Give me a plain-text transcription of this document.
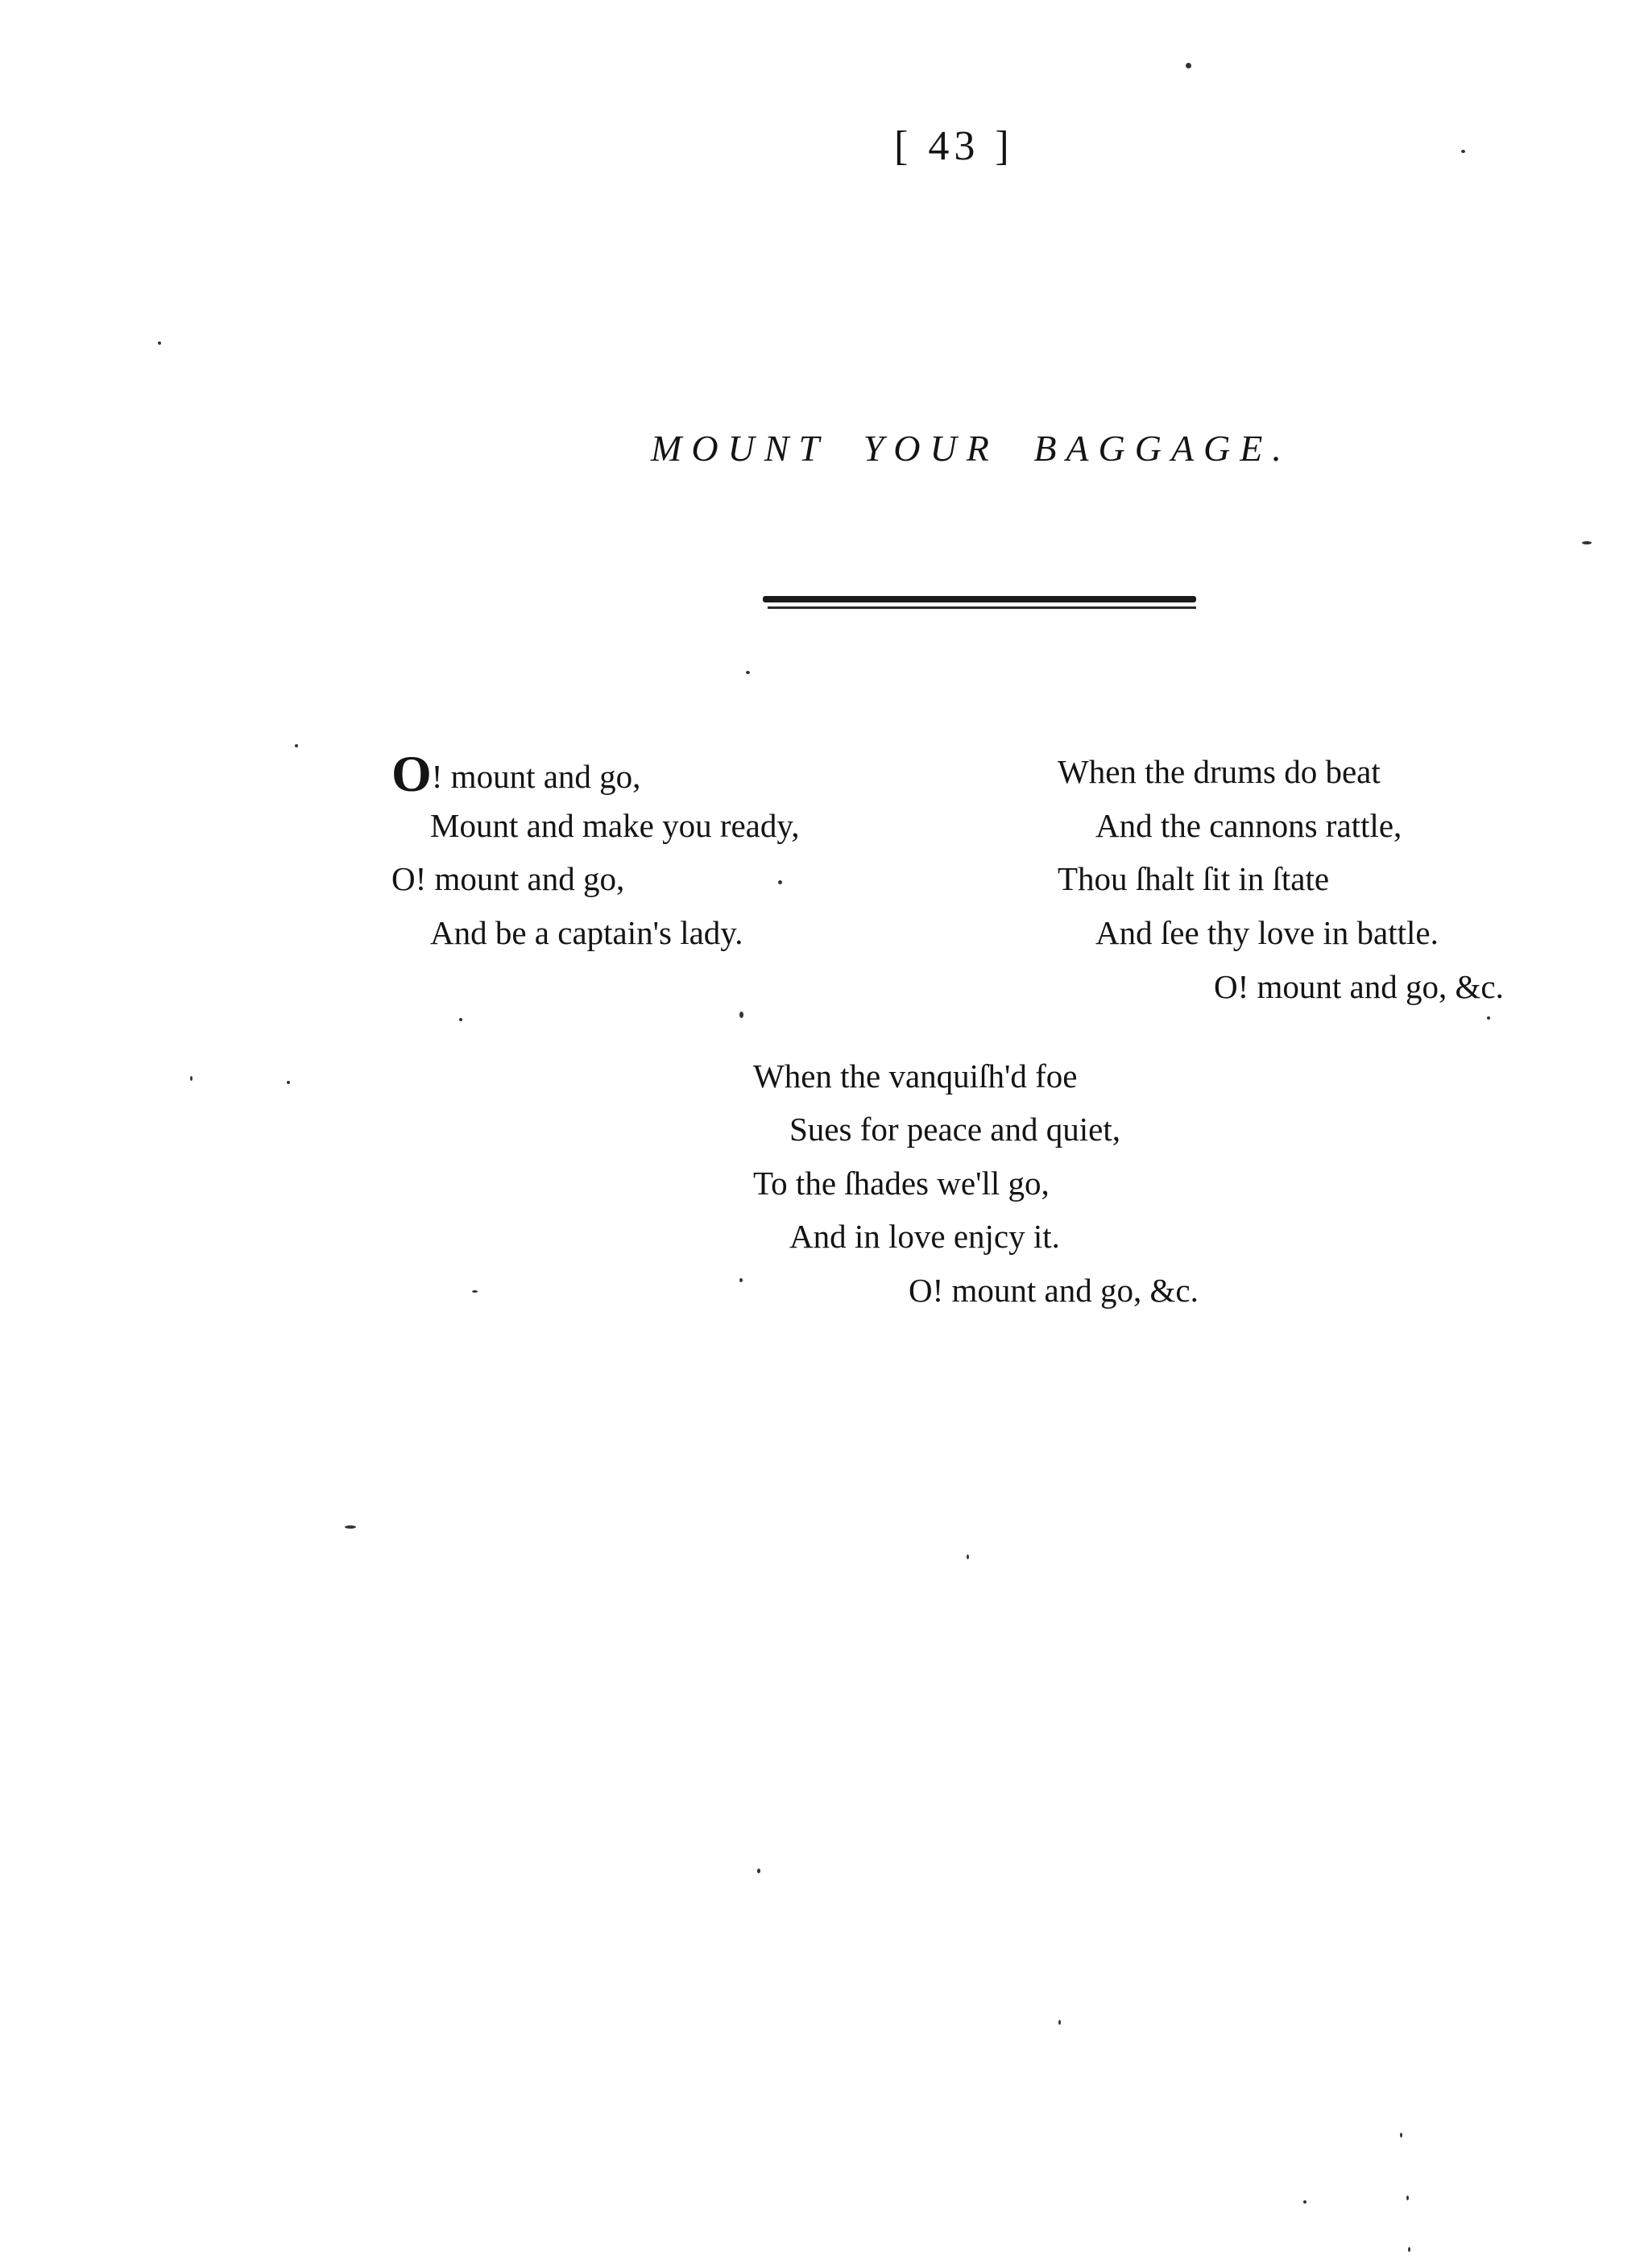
[ 43 ]
MOUNT YOUR BAGGAGE.
O! mount and go,
Mount and make you ready,
O! mount and go,
And be a captain's lady.
When the drums do beat
And the cannons rattle,
Thou ſhalt ſit in ſtate
And ſee thy love in battle.
O! mount and go, &c.
When the vanquiſh'd foe
Sues for peace and quiet,
To the ſhades we'll go,
And in love enjcy it.
O! mount and go, &c.
